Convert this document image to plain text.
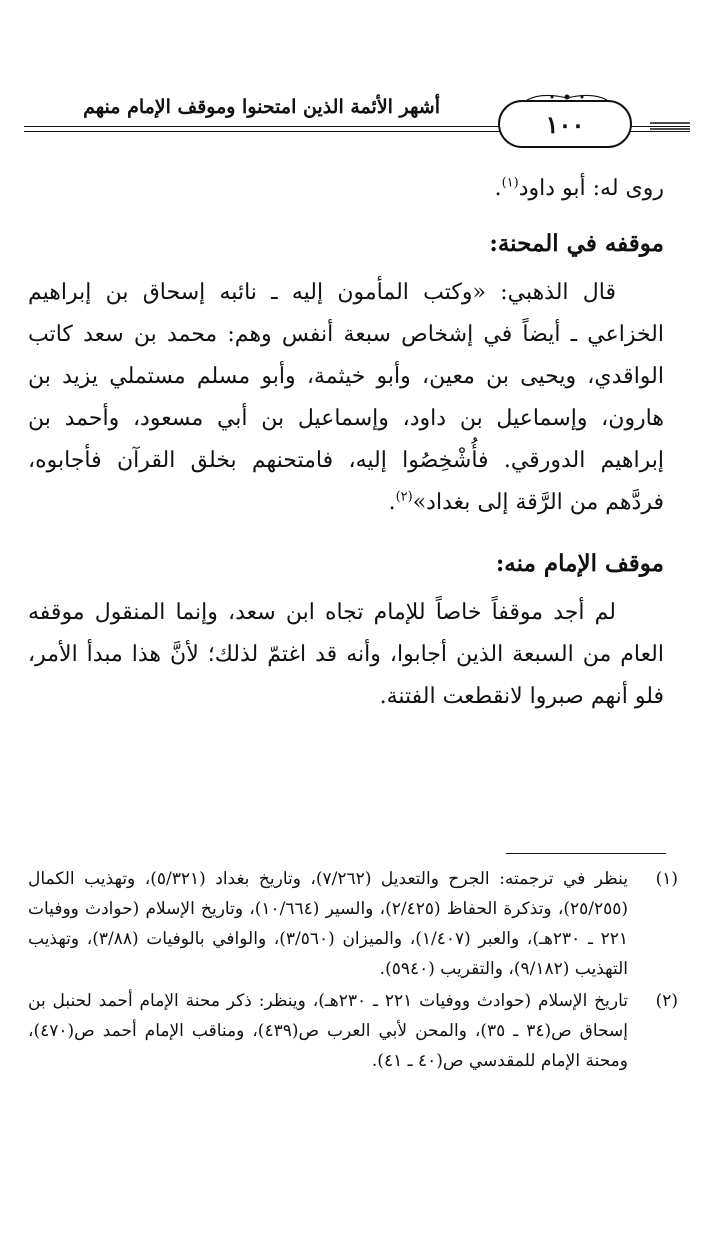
١٠٠
أشهر الأئمة الذين امتحنوا وموقف الإمام منهم

روى له: أبو داود$^{(١)}$.

موقفه في المحنة:

قال الذهبي: «وكتب المأمون إليه ـ نائبه إسحاق بن إبراهيم الخزاعي ـ أيضاً في إشخاص سبعة أنفس وهم: محمد بن سعد كاتب الواقدي، ويحيى بن معين، وأبو خيثمة، وأبو مسلم مستملي يزيد بن هارون، وإسماعيل بن داود، وإسماعيل بن أبي مسعود، وأحمد بن إبراهيم الدورقي. فأُشْخِصُوا إليه، فامتحنهم بخلق القرآن فأجابوه، فردَّهم من الرَّقة إلى بغداد»$^{(٢)}$.

موقف الإمام منه:

لم أجد موقفاً خاصاً للإمام تجاه ابن سعد، وإنما المنقول موقفه العام من السبعة الذين أجابوا، وأنه قد اغتمّ لذلك؛ لأنَّ هذا مبدأ الأمر، فلو أنهم صبروا لانقطعت الفتنة.

(١)
ينظر في ترجمته: الجرح والتعديل (٧/٢٦٢)، وتاريخ بغداد (٥/٣٢١)، وتهذيب الكمال (٢٥/٢٥٥)، وتذكرة الحفاظ (٢/٤٢٥)، والسير (١٠/٦٦٤)، وتاريخ الإسلام (حوادث ووفيات ٢٢١ ـ ٢٣٠هـ)، والعبر (١/٤٠٧)، والميزان (٣/٥٦٠)، والوافي بالوفيات (٣/٨٨)، وتهذيب التهذيب (٩/١٨٢)، والتقريب (٥٩٤٠).
(٢)
تاريخ الإسلام (حوادث ووفيات ٢٢١ ـ ٢٣٠هـ)، وينظر: ذكر محنة الإمام أحمد لحنبل بن إسحاق ص(٣٤ ـ ٣٥)، والمحن لأبي العرب ص(٤٣٩)، ومناقب الإمام أحمد ص(٤٧٠)، ومحنة الإمام للمقدسي ص(٤٠ ـ ٤١).
